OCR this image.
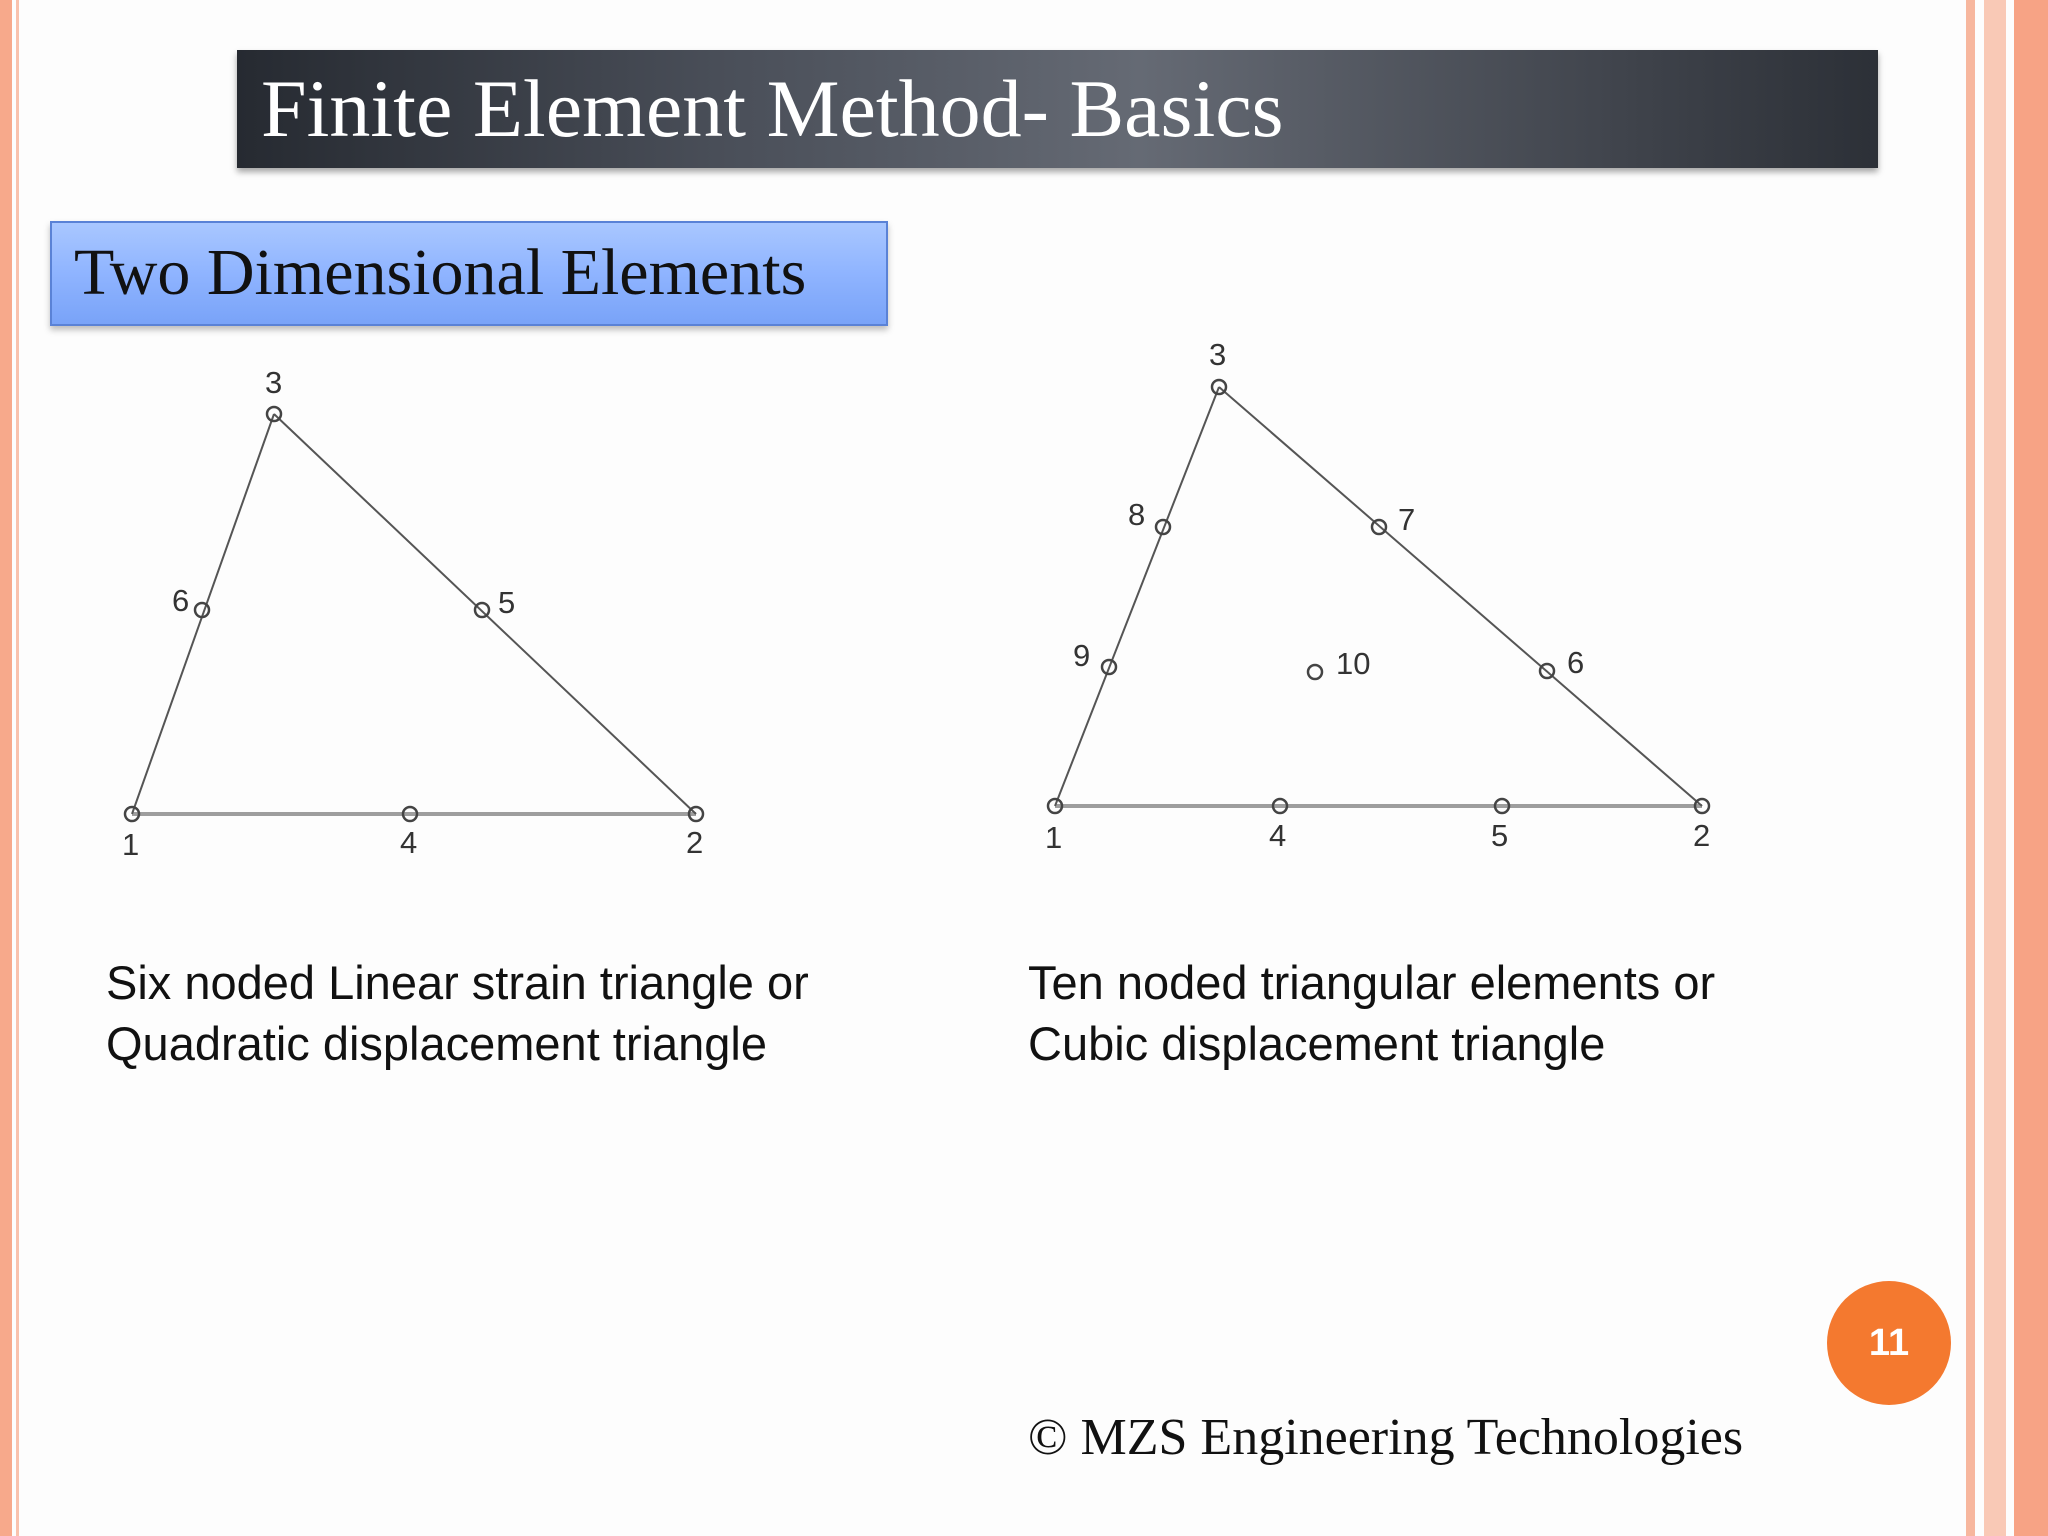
Finite Element Method- Basics
Two Dimensional Elements
1	2
3
4
5
6
1	2
3
4	5
6
7
8
9	10
Six noded Linear strain triangle or
Quadratic displacement triangle
Ten noded triangular elements or
Cubic displacement triangle
11
© MZS Engineering Technologies
